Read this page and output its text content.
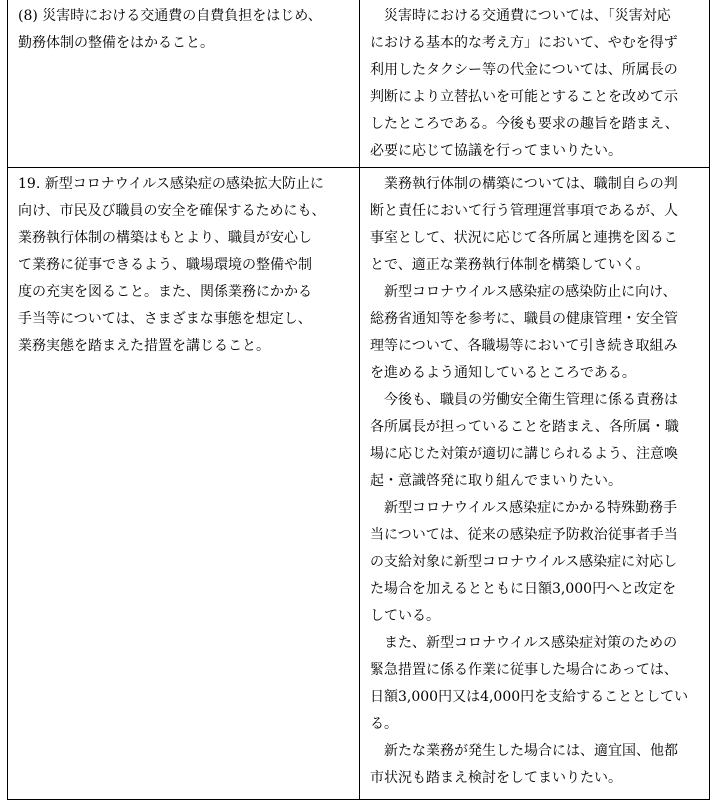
(8) 災害時における交通費の自費負担をはじめ、

勤務体制の整備をはかること。

　災害時における交通費については、「災害対応

における基本的な考え方」において、やむを得ず

利用したタクシー等の代金については、所属長の

判断により立替払いを可能とすることを改めて示

したところである。今後も要求の趣旨を踏まえ、

必要に応じて協議を行ってまいりたい。

19. 新型コロナウイルス感染症の感染拡大防止に

向け、市民及び職員の安全を確保するためにも、

業務執行体制の構築はもとより、職員が安心し

て業務に従事できるよう、職場環境の整備や制

度の充実を図ること。また、関係業務にかかる

手当等については、さまざまな事態を想定し、

業務実態を踏まえた措置を講じること。

　業務執行体制の構築については、職制自らの判

断と責任において行う管理運営事項であるが、人

事室として、状況に応じて各所属と連携を図るこ

とで、適正な業務執行体制を構築していく。

　新型コロナウイルス感染症の感染防止に向け、

総務省通知等を参考に、職員の健康管理・安全管

理等について、各職場等において引き続き取組み

を進めるよう通知しているところである。

　今後も、職員の労働安全衛生管理に係る責務は

各所属長が担っていることを踏まえ、各所属・職

場に応じた対策が適切に講じられるよう、注意喚

起・意識啓発に取り組んでまいりたい。

　新型コロナウイルス感染症にかかる特殊勤務手

当については、従来の感染症予防救治従事者手当

の支給対象に新型コロナウイルス感染症に対応し

た場合を加えるとともに日額3,000円へと改定を

している。

　また、新型コロナウイルス感染症対策のための

緊急措置に係る作業に従事した場合にあっては、

日額3,000円又は4,000円を支給することとしてい

る。

　新たな業務が発生した場合には、適宜国、他都

市状況も踏まえ検討をしてまいりたい。
